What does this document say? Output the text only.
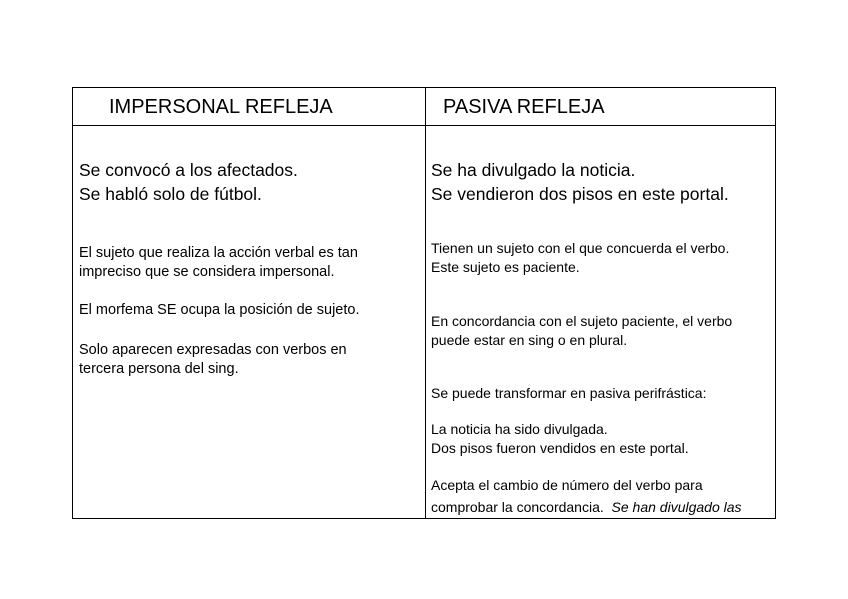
IMPERSONAL REFLEJA	PASIVA REFLEJA
Se convocó a los afectados.
Se habló solo de fútbol.
El sujeto que realiza la acción verbal es tan
impreciso que se considera impersonal.
El morfema SE ocupa la posición de sujeto.
Solo aparecen expresadas con verbos en
tercera persona del sing.
Se ha divulgado la noticia.
Se vendieron dos pisos en este portal.
Tienen un sujeto con el que concuerda el verbo.
Este sujeto es paciente.
En concordancia con el sujeto paciente, el verbo
puede estar en sing o en plural.
Se puede transformar en pasiva perifrástica:
La noticia ha sido divulgada.
Dos pisos fueron vendidos en este portal.
Acepta el cambio de número del verbo para
comprobar la concordancia. Se han divulgado las
